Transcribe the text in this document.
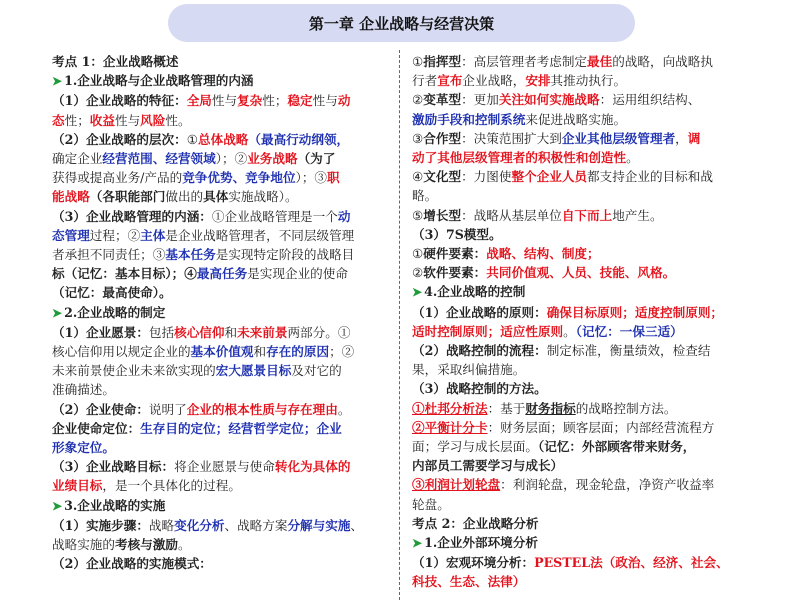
第一章 企业战略与经营决策
考点 1：企业战略概述
➤ 1.企业战略与企业战略管理的内涵
（1）企业战略的特征：全局性与复杂性；稳定性与动
态性；收益性与风险性。
（2）企业战略的层次：①总体战略（最高行动纲领，
确定企业经营范围、经营领域）；②业务战略（为了
获得或提高业务/产品的竞争优势、竞争地位）；③职
能战略（各职能部门做出的具体实施战略）。
（3）企业战略管理的内涵：①企业战略管理是一个动
态管理过程；②主体是企业战略管理者，不同层级管理
者承担不同责任；③基本任务是实现特定阶段的战略目
标（记忆：基本目标）；④最高任务是实现企业的使命
（记忆：最高使命）。
➤ 2.企业战略的制定
（1）企业愿景：包括核心信仰和未来前景两部分。①
核心信仰用以规定企业的基本价值观和存在的原因；②
未来前景使企业未来欲实现的宏大愿景目标及对它的
准确描述。
（2）企业使命：说明了企业的根本性质与存在理由。
企业使命定位：生存目的定位；经营哲学定位；企业
形象定位。
（3）企业战略目标：将企业愿景与使命转化为具体的
业绩目标，是一个具体化的过程。
➤ 3.企业战略的实施
（1）实施步骤：战略变化分析、战略方案分解与实施、
战略实施的考核与激励。
（2）企业战略的实施模式：
①指挥型：高层管理者考虑制定最佳的战略，向战略执
行者宣布企业战略，安排其推动执行。
②变革型：更加关注如何实施战略：运用组织结构、
激励手段和控制系统来促进战略实施。
③合作型：决策范围扩大到企业其他层级管理者，调
动了其他层级管理者的积极性和创造性。
④文化型：力图使整个企业人员都支持企业的目标和战
略。
⑤增长型：战略从基层单位自下而上地产生。
（3）7S模型。
①硬件要素：战略、结构、制度；
②软件要素：共同价值观、人员、技能、风格。
➤ 4.企业战略的控制
（1）企业战略的原则：确保目标原则；适度控制原则；
适时控制原则；适应性原则。（记忆：一保三适）
（2）战略控制的流程：制定标准，衡量绩效，检查结
果，采取纠偏措施。
（3）战略控制的方法。
①杜邦分析法：基于财务指标的战略控制方法。
②平衡计分卡：财务层面；顾客层面；内部经营流程方
面；学习与成长层面。（记忆：外部顾客带来财务，
内部员工需要学习与成长）
③利润计划轮盘：利润轮盘，现金轮盘，净资产收益率
轮盘。
考点 2：企业战略分析
➤ 1.企业外部环境分析
（1）宏观环境分析：PESTEL法（政治、经济、社会、
科技、生态、法律）
